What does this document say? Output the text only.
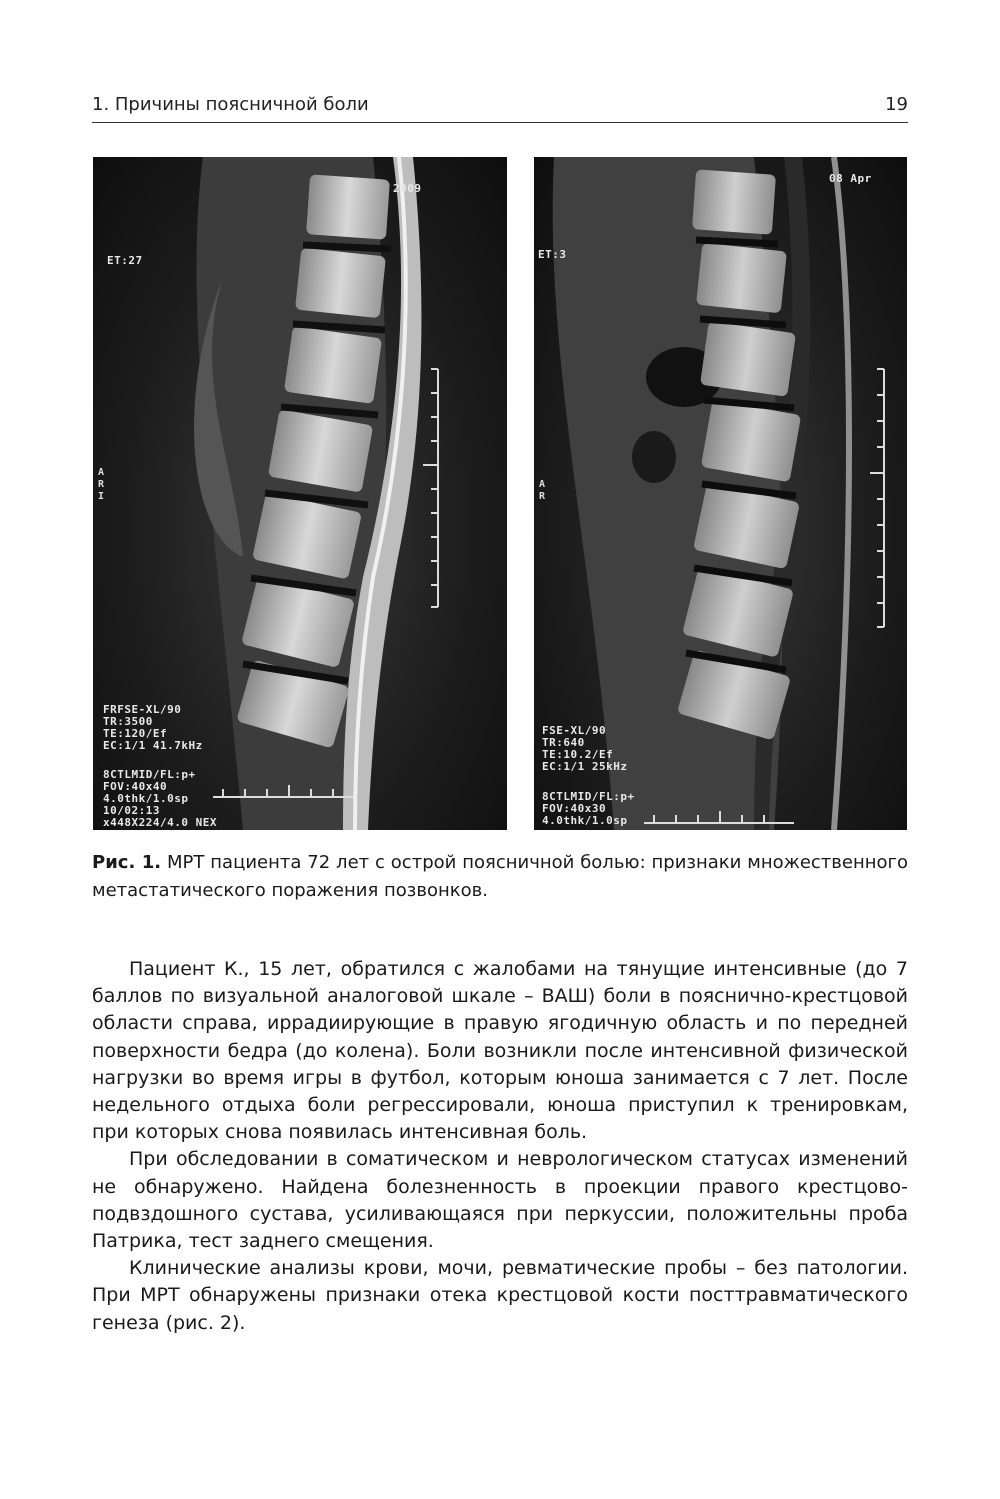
1. Причины поясничной боли	19
2009
ET:27
A R I
FRFSE-XL/90
TR:3500
TE:120/Ef
EC:1/1 41.7kHz
8CTLMID/FL:p+
FOV:40x40
4.0thk/1.0sp
10/02:13
x448X224/4.0 NEX
08 Apr
ET:3
A R
FSE-XL/90
TR:640
TE:10.2/Ef
EC:1/1 25kHz
8CTLMID/FL:p+
FOV:40x30
4.0thk/1.0sp
Рис. 1. МРТ пациента 72 лет с острой поясничной болью: признаки множественного метастатического поражения позвонков.

Пациент К., 15 лет, обратился с жалобами на тянущие интенсивные (до 7 баллов по визуальной аналоговой шкале – ВАШ) боли в пояснично-крестцовой области справа, иррадиирующие в правую ягодичную область и по передней поверхности бедра (до колена). Боли возникли после интенсивной физической нагрузки во время игры в футбол, которым юноша занимается с 7 лет. После недельного отдыха боли регрессировали, юноша приступил к тренировкам, при которых снова появилась интенсивная боль.

При обследовании в соматическом и неврологическом статусах изменений не обнаружено. Найдена болезненность в проекции правого крестцово-подвздошного сустава, усиливающаяся при перкуссии, положительны проба Патрика, тест заднего смещения.

Клинические анализы крови, мочи, ревматические пробы – без патологии. При МРТ обнаружены признаки отека крестцовой кости посттравматического генеза (рис. 2).
